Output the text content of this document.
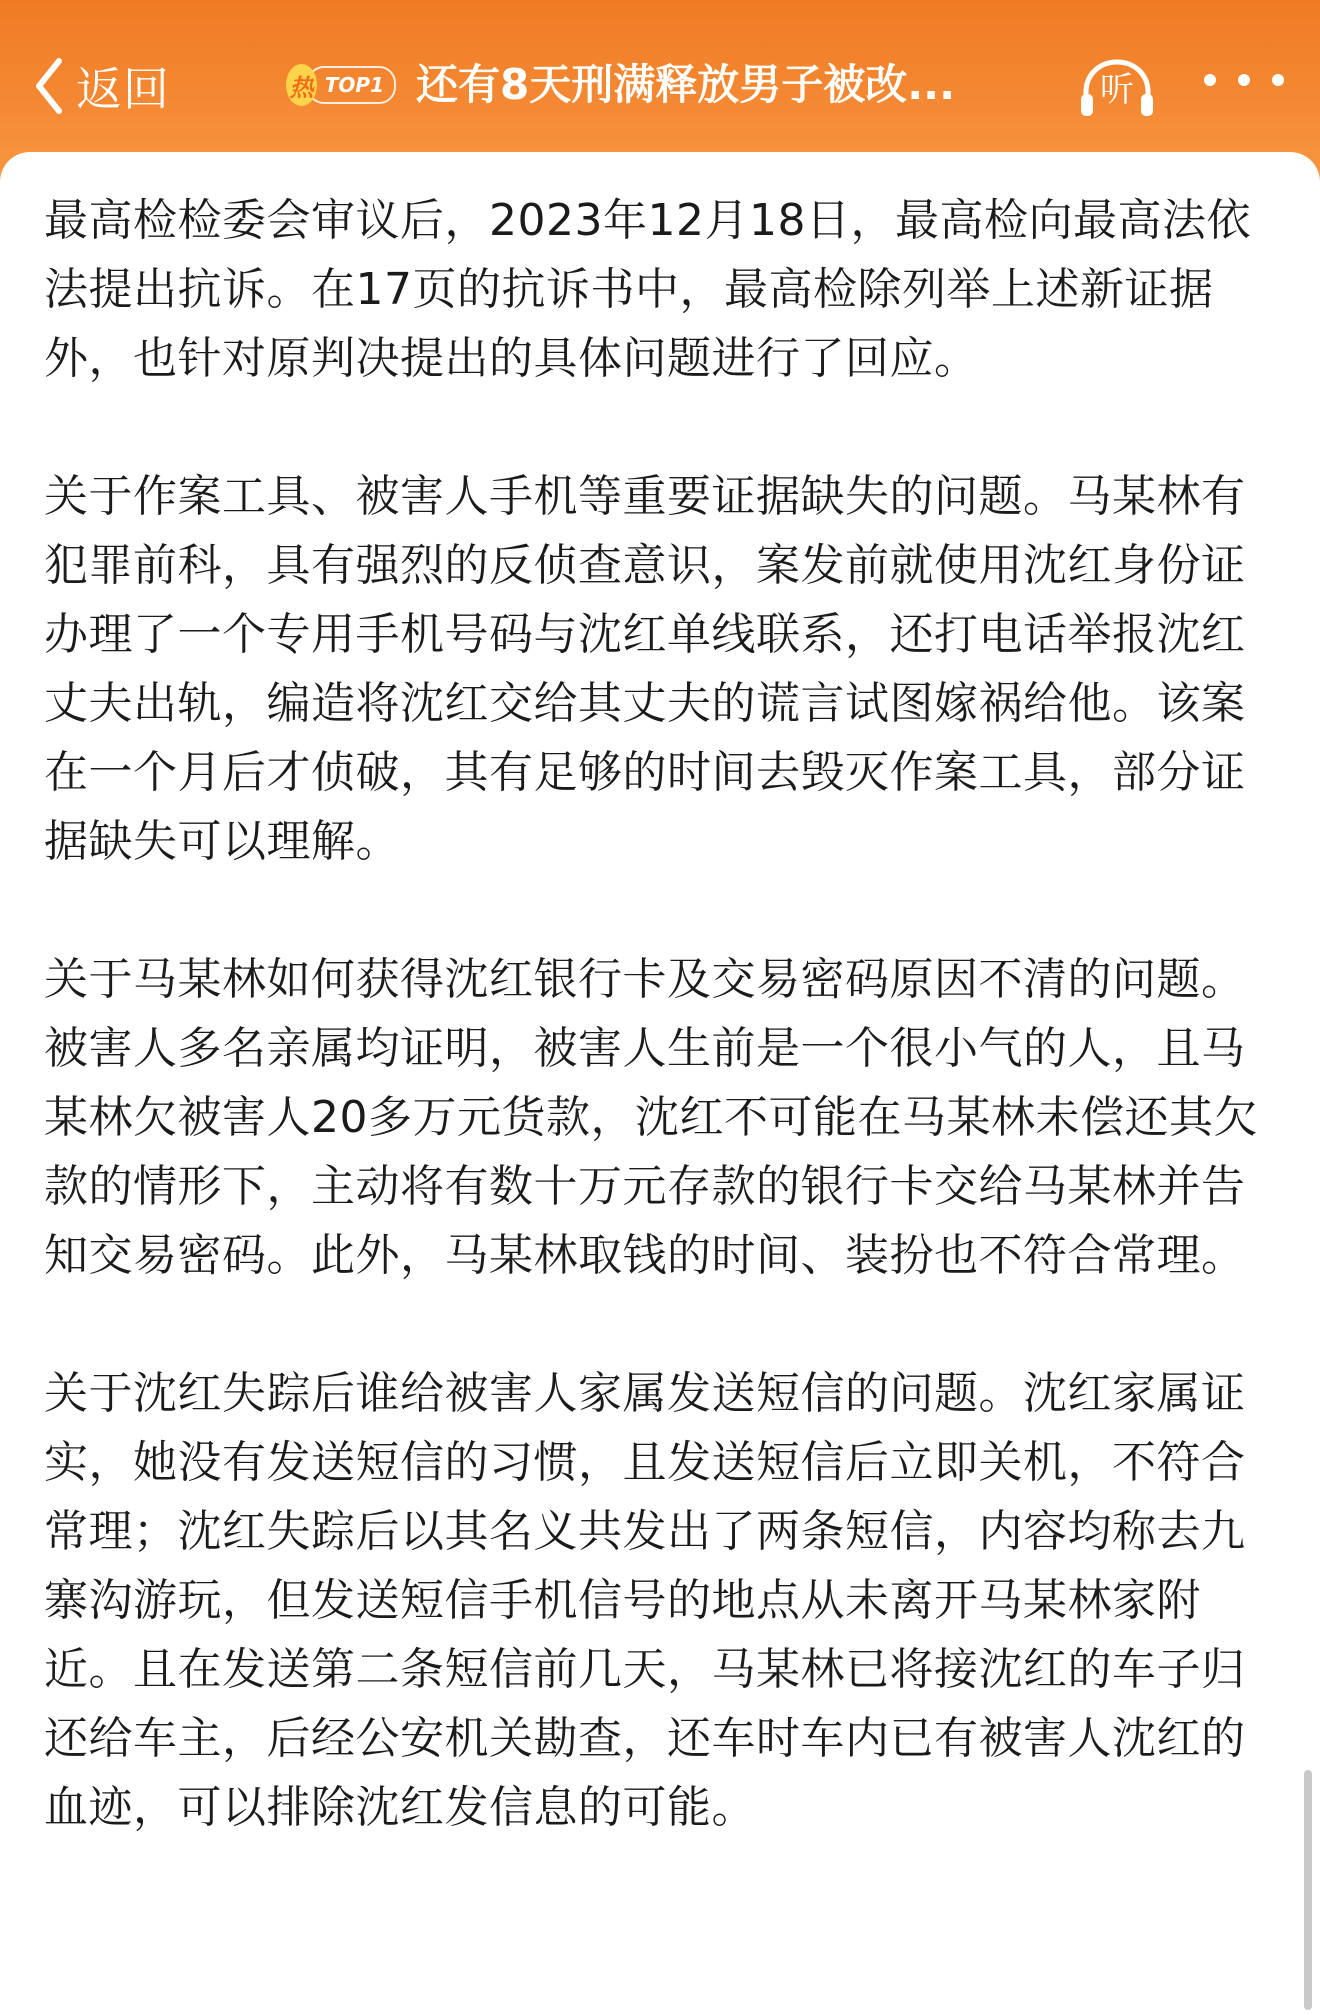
返回	热 TOP1 还有8天刑满释放男子被改...	听

最高检检委会审议后，2023年12月18日，最高检向最高法依法提出抗诉。在17页的抗诉书中，最高检除列举上述新证据外，也针对原判决提出的具体问题进行了回应。

关于作案工具、被害人手机等重要证据缺失的问题。马某林有犯罪前科，具有强烈的反侦查意识，案发前就使用沈红身份证办理了一个专用手机号码与沈红单线联系，还打电话举报沈红丈夫出轨，编造将沈红交给其丈夫的谎言试图嫁祸给他。该案在一个月后才侦破，其有足够的时间去毁灭作案工具，部分证据缺失可以理解。

关于马某林如何获得沈红银行卡及交易密码原因不清的问题。被害人多名亲属均证明，被害人生前是一个很小气的人，且马某林欠被害人20多万元货款，沈红不可能在马某林未偿还其欠款的情形下，主动将有数十万元存款的银行卡交给马某林并告知交易密码。此外，马某林取钱的时间、装扮也不符合常理。

关于沈红失踪后谁给被害人家属发送短信的问题。沈红家属证实，她没有发送短信的习惯，且发送短信后立即关机，不符合常理；沈红失踪后以其名义共发出了两条短信，内容均称去九寨沟游玩，但发送短信手机信号的地点从未离开马某林家附近。且在发送第二条短信前几天，马某林已将接沈红的车子归还给车主，后经公安机关勘查，还车时车内已有被害人沈红的血迹，可以排除沈红发信息的可能。
